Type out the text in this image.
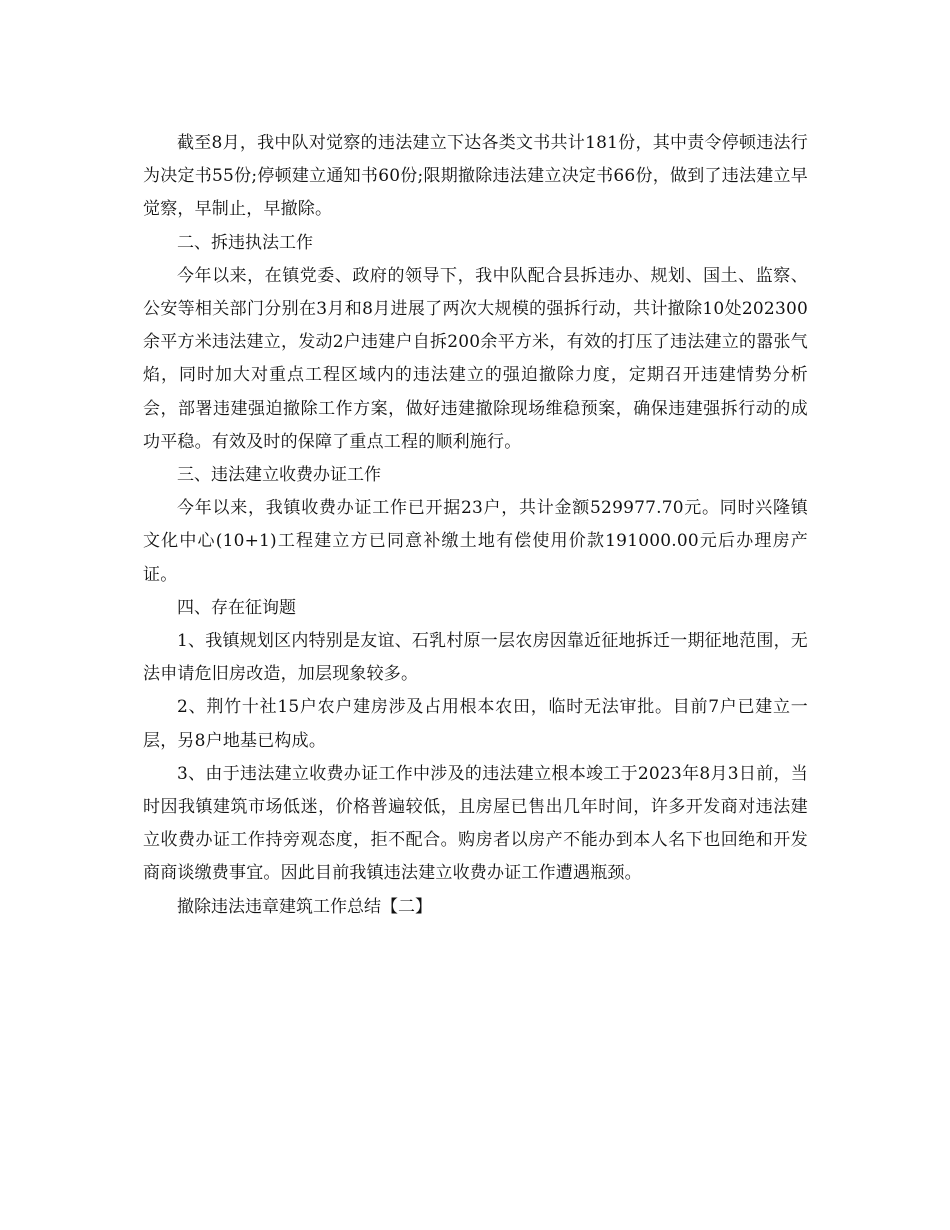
截至8月，我中队对觉察的违法建立下达各类文书共计181份，其中责令停顿违法行为决定书55份;停顿建立通知书60份;限期撤除违法建立决定书66份，做到了违法建立早觉察，早制止，早撤除。

二、拆违执法工作

今年以来，在镇党委、政府的领导下，我中队配合县拆违办、规划、国土、监察、公安等相关部门分别在3月和8月进展了两次大规模的强拆行动，共计撤除10处202300余平方米违法建立，发动2户违建户自拆200余平方米，有效的打压了违法建立的嚣张气焰，同时加大对重点工程区域内的违法建立的强迫撤除力度，定期召开违建情势分析会，部署违建强迫撤除工作方案，做好违建撤除现场维稳预案，确保违建强拆行动的成功平稳。有效及时的保障了重点工程的顺利施行。

三、违法建立收费办证工作

今年以来，我镇收费办证工作已开据23户，共计金额529977.70元。同时兴隆镇文化中心(10+1)工程建立方已同意补缴土地有偿使用价款191000.00元后办理房产证。

四、存在征询题

1、我镇规划区内特别是友谊、石乳村原一层农房因靠近征地拆迁一期征地范围，无法申请危旧房改造，加层现象较多。

2、荆竹十社15户农户建房涉及占用根本农田，临时无法审批。目前7户已建立一层，另8户地基已构成。

3、由于违法建立收费办证工作中涉及的违法建立根本竣工于2023年8月3日前，当时因我镇建筑市场低迷，价格普遍较低，且房屋已售出几年时间，许多开发商对违法建立收费办证工作持旁观态度，拒不配合。购房者以房产不能办到本人名下也回绝和开发商商谈缴费事宜。因此目前我镇违法建立收费办证工作遭遇瓶颈。

撤除违法违章建筑工作总结【二】
